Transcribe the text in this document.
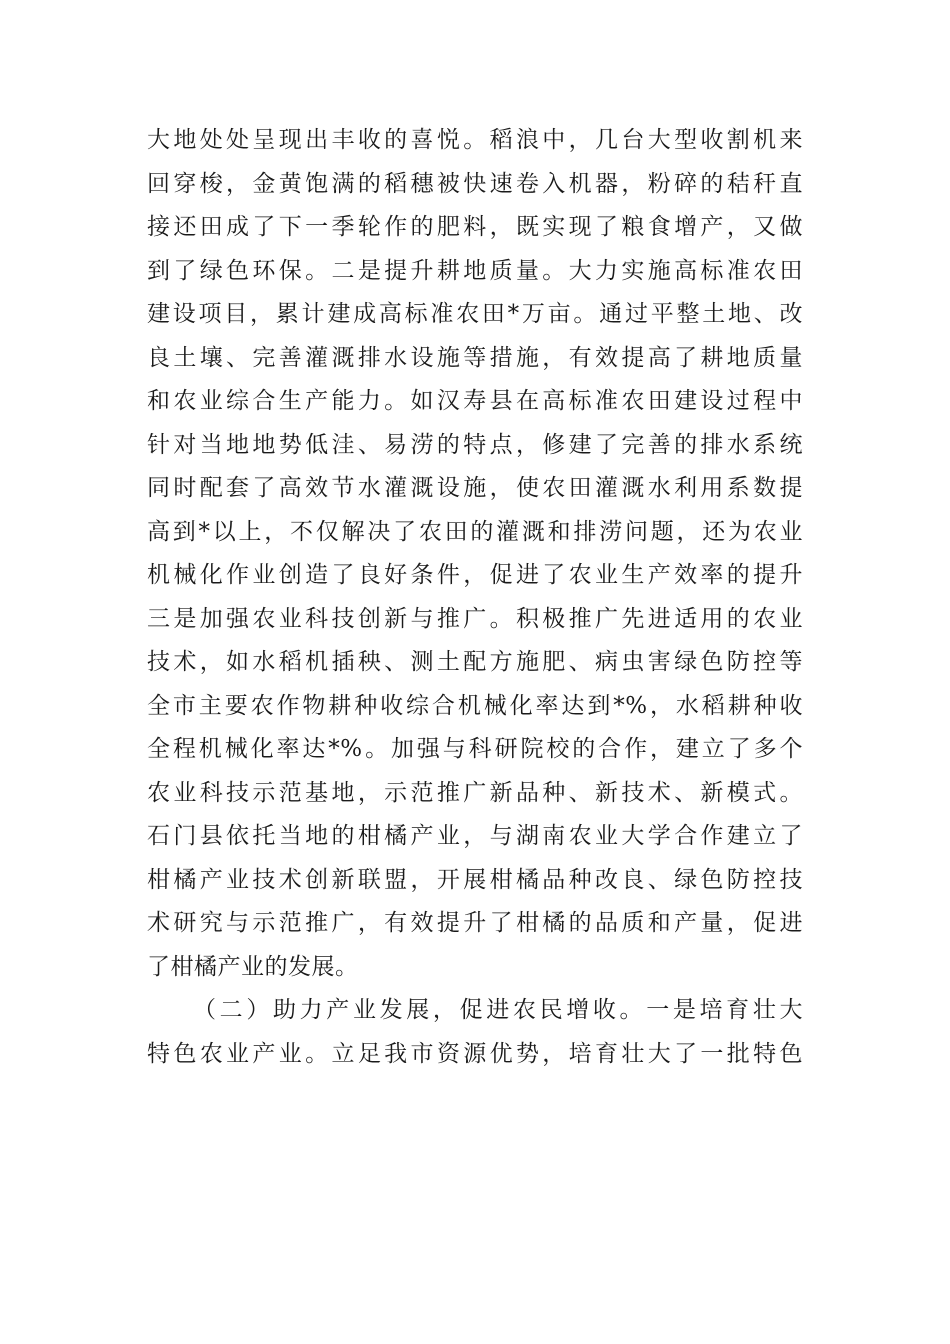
大地处处呈现出丰收的喜悦。稻浪中，几台大型收割机来
回穿梭，金黄饱满的稻穗被快速卷入机器，粉碎的秸秆直
接还田成了下一季轮作的肥料，既实现了粮食增产，又做
到了绿色环保。二是提升耕地质量。大力实施高标准农田
建设项目，累计建成高标准农田*万亩。通过平整土地、改
良土壤、完善灌溉排水设施等措施，有效提高了耕地质量
和农业综合生产能力。如汉寿县在高标准农田建设过程中
针对当地地势低洼、易涝的特点，修建了完善的排水系统
同时配套了高效节水灌溉设施，使农田灌溉水利用系数提
高到*以上，不仅解决了农田的灌溉和排涝问题，还为农业
机械化作业创造了良好条件，促进了农业生产效率的提升
三是加强农业科技创新与推广。积极推广先进适用的农业
技术，如水稻机插秧、测土配方施肥、病虫害绿色防控等
全市主要农作物耕种收综合机械化率达到*%，水稻耕种收
全程机械化率达*%。加强与科研院校的合作，建立了多个
农业科技示范基地，示范推广新品种、新技术、新模式。
石门县依托当地的柑橘产业，与湖南农业大学合作建立了
柑橘产业技术创新联盟，开展柑橘品种改良、绿色防控技
术研究与示范推广，有效提升了柑橘的品质和产量，促进
了柑橘产业的发展。
（二）助力产业发展，促进农民增收。一是培育壮大
特色农业产业。立足我市资源优势，培育壮大了一批特色
